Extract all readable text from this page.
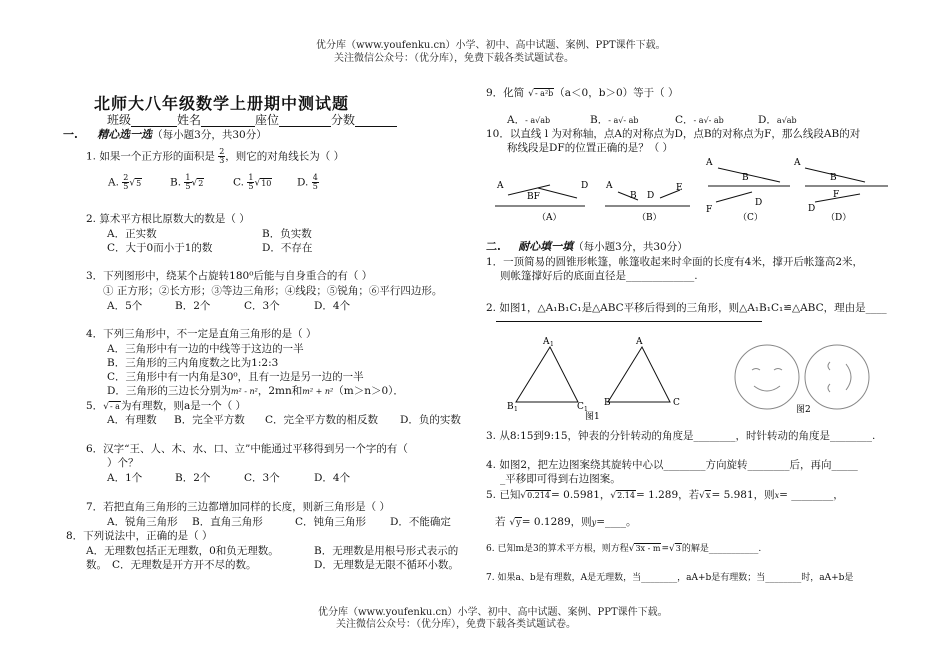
优分库（www.youfenku.cn）小学、初中、高中试题、案例、PPT课件下载。
关注微信公众号：（优分库），免费下载各类试题试卷。
优分库（www.youfenku.cn）小学、初中、高中试题、案例、PPT课件下载。
关注微信公众号：（优分库），免费下载各类试题试卷。
北师大八年级数学上册期中测试题
班级	姓名	座位	分数
一. 精心选一选（每小题3分，共30分）
1. 如果一个正方形的面积是 $\frac{2}{3}$，则它的对角线长为（ ）
A. $\frac{2}{5}√5$	B. $\frac{1}{5}√2$	C. $\frac{1}{5}√10$ D. $\frac{4}{5}$
2. 算术平方根比原数大的数是（ ）
A．正实数	B．负实数
C．大于0而小于1的数	D．不存在
3．下列图形中，绕某个占旋转180⁰后能与自身重合的有（ ）
① 正方形；②长方形；③等边三角形；④线段；⑤锐角；⑥平行四边形。
A．5个	B．2个	C．3个	D．4个
4．下列三角形中，不一定是直角三角形的是（ ）
A．三角形中有一边的中线等于这边的一半
B．三角形的三内角度数之比为1:2:3
C．三角形中有一内角是30⁰，且有一边是另一边的一半
D．三角形的三边长分别为m² - n²，2mn和m² + n²（m＞n＞0）．
5．√- a为有理数，则a是一个（ ）
A．有理数 B．完全平方数 C．完全平方数的相反数 D．负的实数
6．汉字“王、人、木、水、口、立”中能通过平移得到另一个字的有（
）个？
A．1个	B．2个	C．3个	D．4个
7．若把直角三角形的三边都增加同样的长度，则新三角形是（ ）
A．锐角三角形 B．直角三角形	C．钝角三角形 D．不能确定
8．下列说法中，正确的是（ ）
A．无理数包括正无理数，0和负无理数。	B．无理数是用根号形式表示的
数。 C．无理数是开方开不尽的数。	D．无理数是无限不循环小数。
9．化简 √- a²b（a＜0，b＞0）等于（ ）
A．- a√ab	B．- a√- ab	C．- a√- ab	D．a√ab
10．以直线 l 为对称轴，点A的对称点为D，点B的对称点为F，那么线段AB的对
称线段是DF的位置正确的是？（ ）
A
BF
D
（A）
A
B D
E
（B）
A
B
D
F
（C）
A
B
F
D
（D）
二. 耐心填一填（每小题3分，共30分）
1．一顶简易的圆锥形帐篷，帐篷收起来时伞面的长度有4米，撑开后帐篷高2米，
则帐篷撑好后的底面直径是_____________.
2. 如图1，△A₁B₁C₁是△ABC平移后得到的三角形，则△A₁B₁C₁≌△ABC，理由是____
A 1
B 1	C 1
A
B	C
图1
图2
3. 从8:15到9:15，钟表的分针转动的角度是________，时针转动的角度是________.
4. 如图2，把左边图案绕其旋转中心以________方向旋转________后，再向_____
_平移即可得到右边图案。
5. 已知√0.214= 0.5981，√2.14= 1.289，若√x= 5.981，则x= ________，
若 √y= 0.1289，则y=____。
6. 已知m是3的算术平方根，则方程√3x - m=√3的解是___________.
7. 如果a、b是有理数，A是无理数，当________，aA+b是有理数；当________时，aA+b是
